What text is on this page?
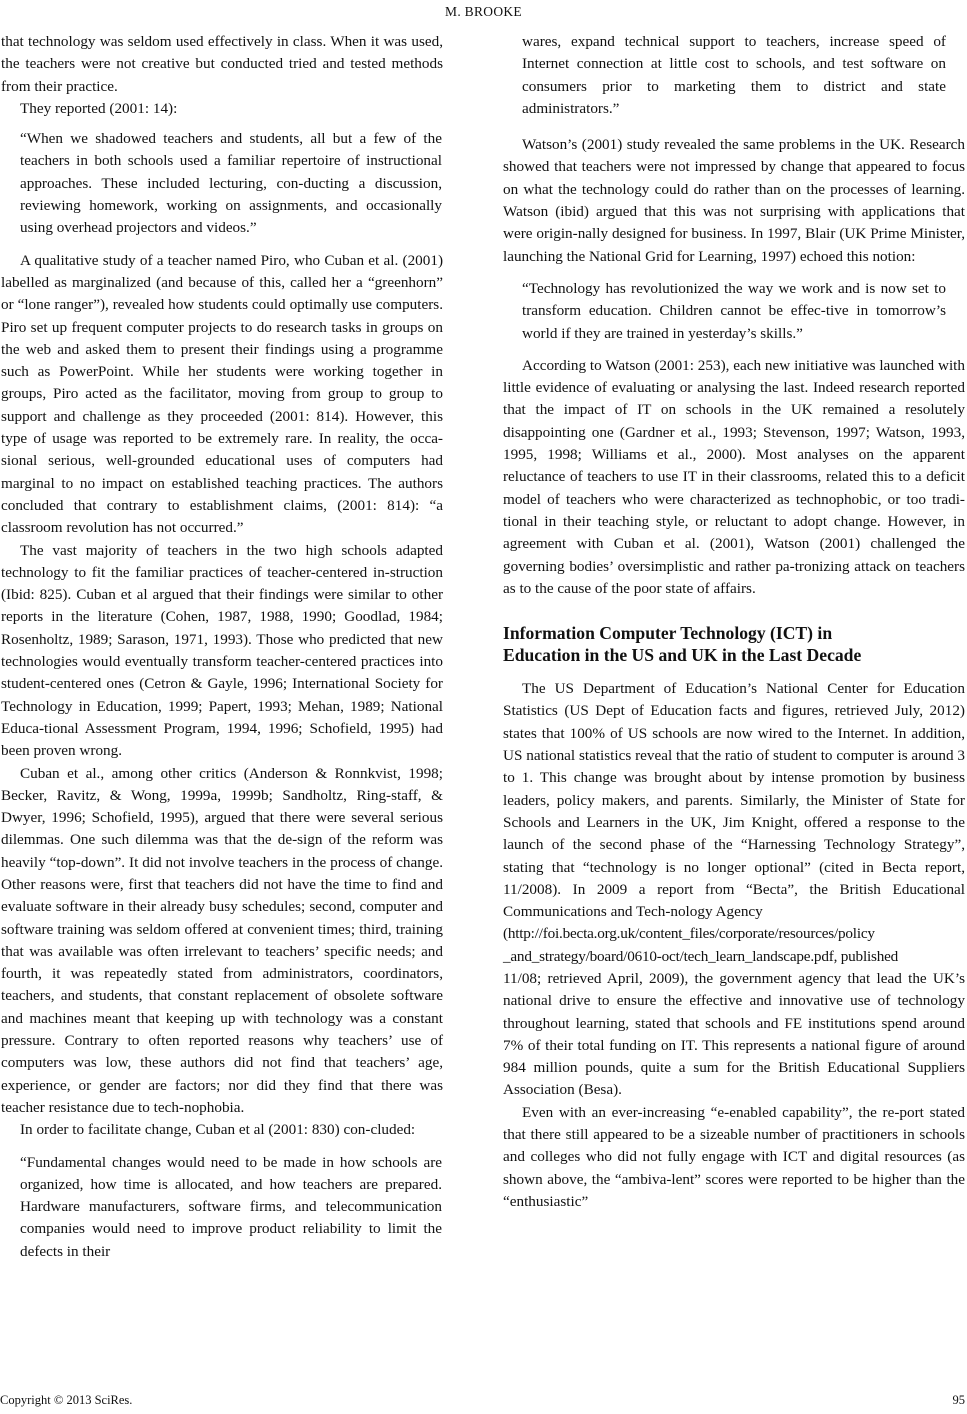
M. BROOKE

that technology was seldom used effectively in class. When it was used, the teachers were not creative but conducted tried and tested methods from their practice.

They reported (2001: 14):

“When we shadowed teachers and students, all but a few of the teachers in both schools used a familiar repertoire of instructional approaches. These included lecturing, con-ducting a discussion, reviewing homework, working on assignments, and occasionally using overhead projectors and videos.”

A qualitative study of a teacher named Piro, who Cuban et al. (2001) labelled as marginalized (and because of this, called her a “greenhorn” or “lone ranger”), revealed how students could optimally use computers. Piro set up frequent computer projects to do research tasks in groups on the web and asked them to present their findings using a programme such as PowerPoint. While her students were working together in groups, Piro acted as the facilitator, moving from group to group to support and challenge as they proceeded (2001: 814). However, this type of usage was reported to be extremely rare. In reality, the occa-sional serious, well-grounded educational uses of computers had marginal to no impact on established teaching practices. The authors concluded that contrary to establishment claims, (2001: 814): “a classroom revolution has not occurred.”

The vast majority of teachers in the two high schools adapted technology to fit the familiar practices of teacher-centered in-struction (Ibid: 825). Cuban et al argued that their findings were similar to other reports in the literature (Cohen, 1987, 1988, 1990; Goodlad, 1984; Rosenholtz, 1989; Sarason, 1971, 1993). Those who predicted that new technologies would eventually transform teacher-centered practices into student-centered ones (Cetron & Gayle, 1996; International Society for Technology in Education, 1999; Papert, 1993; Mehan, 1989; National Educa-tional Assessment Program, 1994, 1996; Schofield, 1995) had been proven wrong.

Cuban et al., among other critics (Anderson & Ronnkvist, 1998; Becker, Ravitz, & Wong, 1999a, 1999b; Sandholtz, Ring-staff, & Dwyer, 1996; Schofield, 1995), argued that there were several serious dilemmas. One such dilemma was that the de-sign of the reform was heavily “top-down”. It did not involve teachers in the process of change. Other reasons were, first that teachers did not have the time to find and evaluate software in their already busy schedules; second, computer and software training was seldom offered at convenient times; third, training that was available was often irrelevant to teachers’ specific needs; and fourth, it was repeatedly stated from administrators, coordinators, teachers, and students, that constant replacement of obsolete software and machines meant that keeping up with technology was a constant pressure. Contrary to often reported reasons why teachers’ use of computers was low, these authors did not find that teachers’ age, experience, or gender are factors; nor did they find that there was teacher resistance due to tech-nophobia.

In order to facilitate change, Cuban et al (2001: 830) con-cluded:

“Fundamental changes would need to be made in how schools are organized, how time is allocated, and how teachers are prepared. Hardware manufacturers, software firms, and telecommunication companies would need to improve product reliability to limit the defects in their
wares, expand technical support to teachers, increase speed of Internet connection at little cost to schools, and test software on consumers prior to marketing them to district and state administrators.”

Watson’s (2001) study revealed the same problems in the UK. Research showed that teachers were not impressed by change that appeared to focus on what the technology could do rather than on the processes of learning. Watson (ibid) argued that this was not surprising with applications that were origin-nally designed for business. In 1997, Blair (UK Prime Minister, launching the National Grid for Learning, 1997) echoed this notion:

“Technology has revolutionized the way we work and is now set to transform education. Children cannot be effec-tive in tomorrow’s world if they are trained in yesterday’s skills.”

According to Watson (2001: 253), each new initiative was launched with little evidence of evaluating or analysing the last. Indeed research reported that the impact of IT on schools in the UK remained a resolutely disappointing one (Gardner et al., 1993; Stevenson, 1997; Watson, 1993, 1995, 1998; Williams et al., 2000). Most analyses on the apparent reluctance of teachers to use IT in their classrooms, related this to a deficit model of teachers who were characterized as technophobic, or too tradi-tional in their teaching style, or reluctant to adopt change. However, in agreement with Cuban et al. (2001), Watson (2001) challenged the governing bodies’ oversimplistic and rather pa-tronizing attack on teachers as to the cause of the poor state of affairs.

Information Computer Technology (ICT) in
Education in the US and UK in the Last Decade

The US Department of Education’s National Center for Education Statistics (US Dept of Education facts and figures, retrieved July, 2012) states that 100% of US schools are now wired to the Internet. In addition, US national statistics reveal that the ratio of student to computer is around 3 to 1. This change was brought about by intense promotion by business leaders, policy makers, and parents. Similarly, the Minister of State for Schools and Learners in the UK, Jim Knight, offered a response to the launch of the second phase of the “Harnessing Technology Strategy”, stating that “technology is no longer optional” (cited in Becta report, 11/2008). In 2009 a report from “Becta”, the British Educational Communications and Tech-nology Agency

(http://foi.becta.org.uk/content_files/corporate/resources/policy
_and_strategy/board/0610-oct/tech_learn_landscape.pdf, published

11/08; retrieved April, 2009), the government agency that lead the UK’s national drive to ensure the effective and innovative use of technology throughout learning, stated that schools and FE institutions spend around 7% of their total funding on IT. This represents a national figure of around 984 million pounds, quite a sum for the British Educational Suppliers Association (Besa).

Even with an ever-increasing “e-enabled capability”, the re-port stated that there still appeared to be a sizeable number of practitioners in schools and colleges who did not fully engage with ICT and digital resources (as shown above, the “ambiva-lent” scores were reported to be higher than the “enthusiastic”

Copyright © 2013 SciRes.	95
